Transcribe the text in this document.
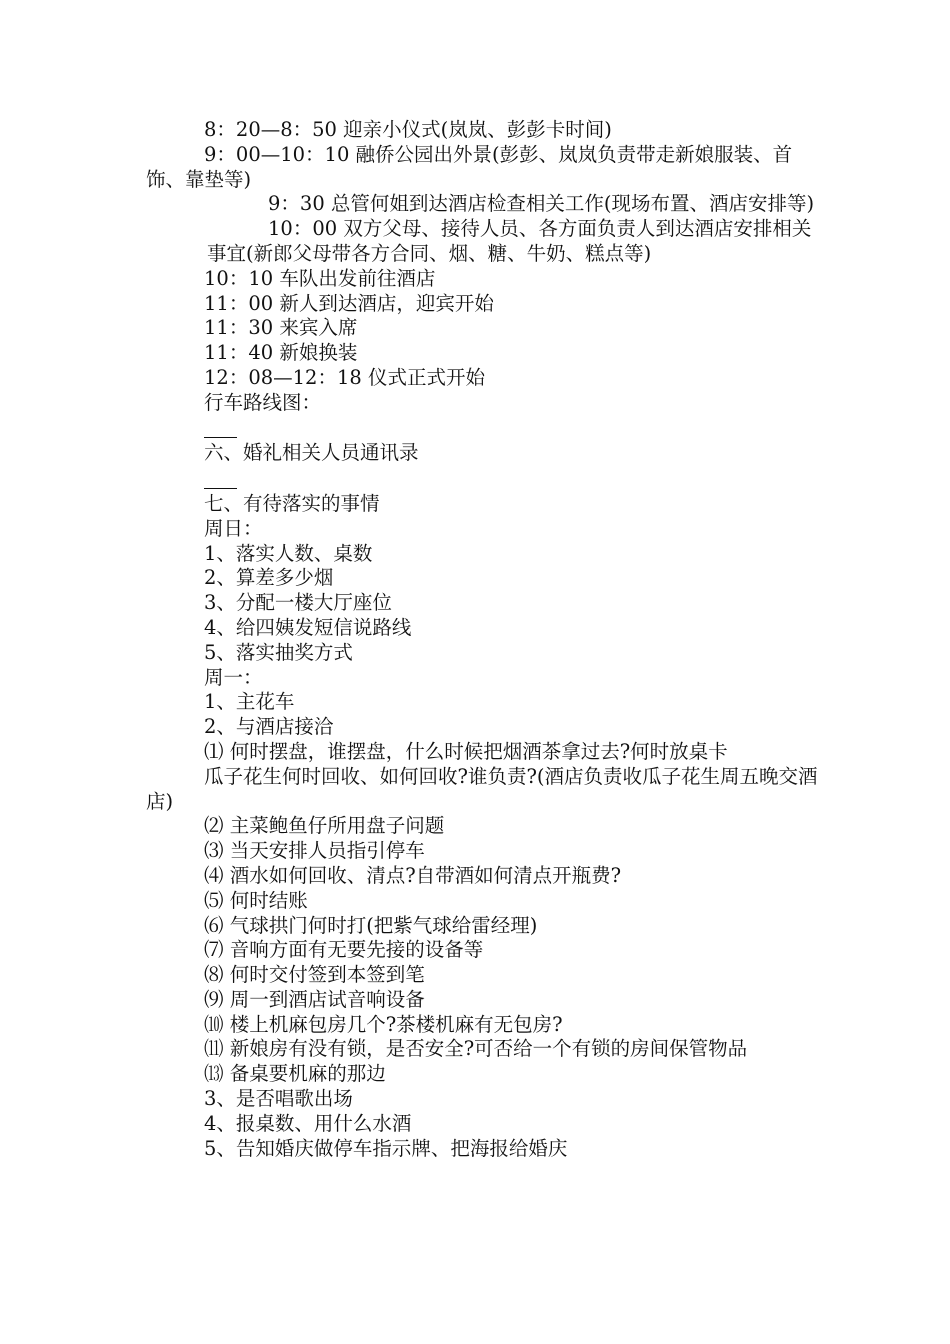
8：20—8：50 迎亲小仪式(岚岚、彭彭卡时间)
9：00—10：10 融侨公园出外景(彭彭、岚岚负责带走新娘服装、首饰、靠垫等)
9：30 总管何姐到达酒店检查相关工作(现场布置、酒店安排等)
10：00 双方父母、接待人员、各方面负责人到达酒店安排相关事宜(新郎父母带各方合同、烟、糖、牛奶、糕点等)
10：10 车队出发前往酒店
11：00 新人到达酒店，迎宾开始
11：30 来宾入席
11：40 新娘换装
12：08—12：18 仪式正式开始
行车路线图：
六、婚礼相关人员通讯录
七、有待落实的事情
周日：
1、落实人数、桌数
2、算差多少烟
3、分配一楼大厅座位
4、给四姨发短信说路线
5、落实抽奖方式
周一：
1、主花车
2、与酒店接洽
⑴ 何时摆盘，谁摆盘，什么时候把烟酒茶拿过去?何时放桌卡
瓜子花生何时回收、如何回收?谁负责?(酒店负责收瓜子花生周五晚交酒店)
⑵ 主菜鲍鱼仔所用盘子问题
⑶ 当天安排人员指引停车
⑷ 酒水如何回收、清点?自带酒如何清点开瓶费?
⑸ 何时结账
⑹ 气球拱门何时打(把紫气球给雷经理)
⑺ 音响方面有无要先接的设备等
⑻ 何时交付签到本签到笔
⑼ 周一到酒店试音响设备
⑽ 楼上机麻包房几个?茶楼机麻有无包房?
⑾ 新娘房有没有锁，是否安全?可否给一个有锁的房间保管物品
⒀ 备桌要机麻的那边
3、是否唱歌出场
4、报桌数、用什么水酒
5、告知婚庆做停车指示牌、把海报给婚庆
